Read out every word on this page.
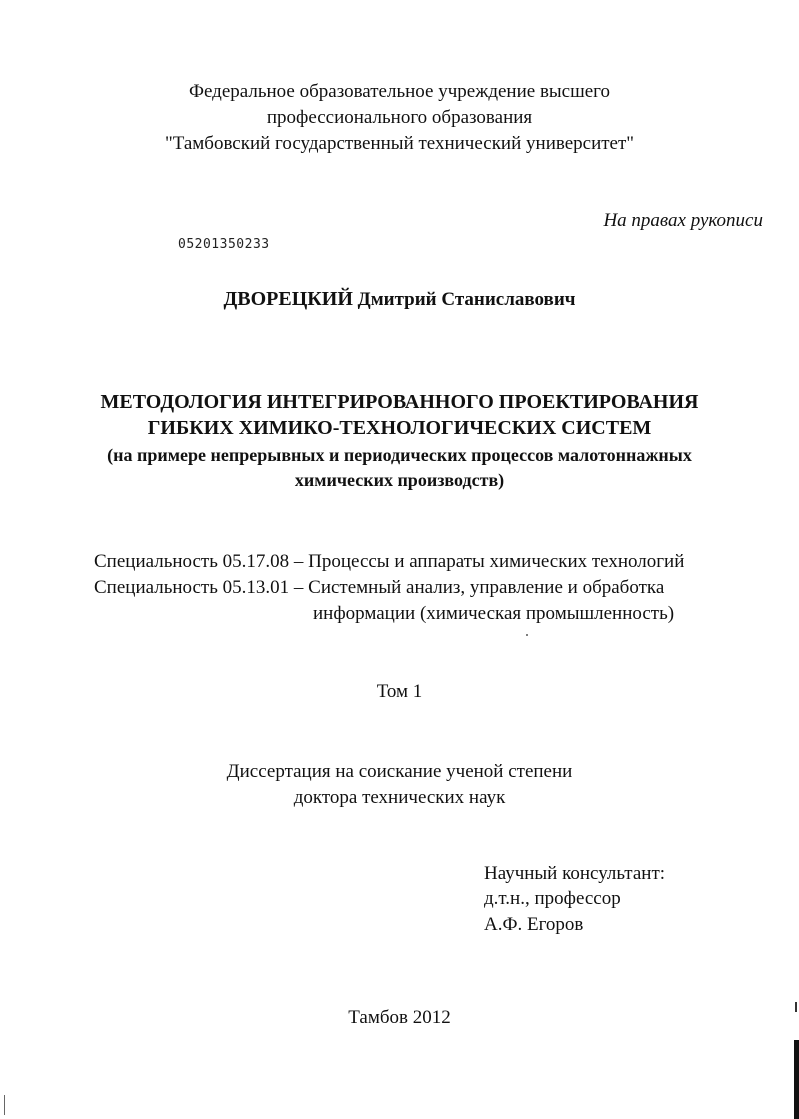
Федеральное образовательное учреждение высшего
профессионального образования
"Тамбовский государственный технический университет"
На правах рукописи
05201350233
ДВОРЕЦКИЙ Дмитрий Станиславович
МЕТОДОЛОГИЯ ИНТЕГРИРОВАННОГО ПРОЕКТИРОВАНИЯ
ГИБКИХ ХИМИКО-ТЕХНОЛОГИЧЕСКИХ СИСТЕМ
(на примере непрерывных и периодических процессов малотоннажных
химических производств)
Специальность 05.17.08 – Процессы и аппараты химических технологий
Специальность 05.13.01 – Системный анализ, управление и обработка
информации (химическая промышленность)
Том 1
Диссертация на соискание ученой степени
доктора технических наук
Научный консультант:
д.т.н., профессор
А.Ф. Егоров
Тамбов 2012
